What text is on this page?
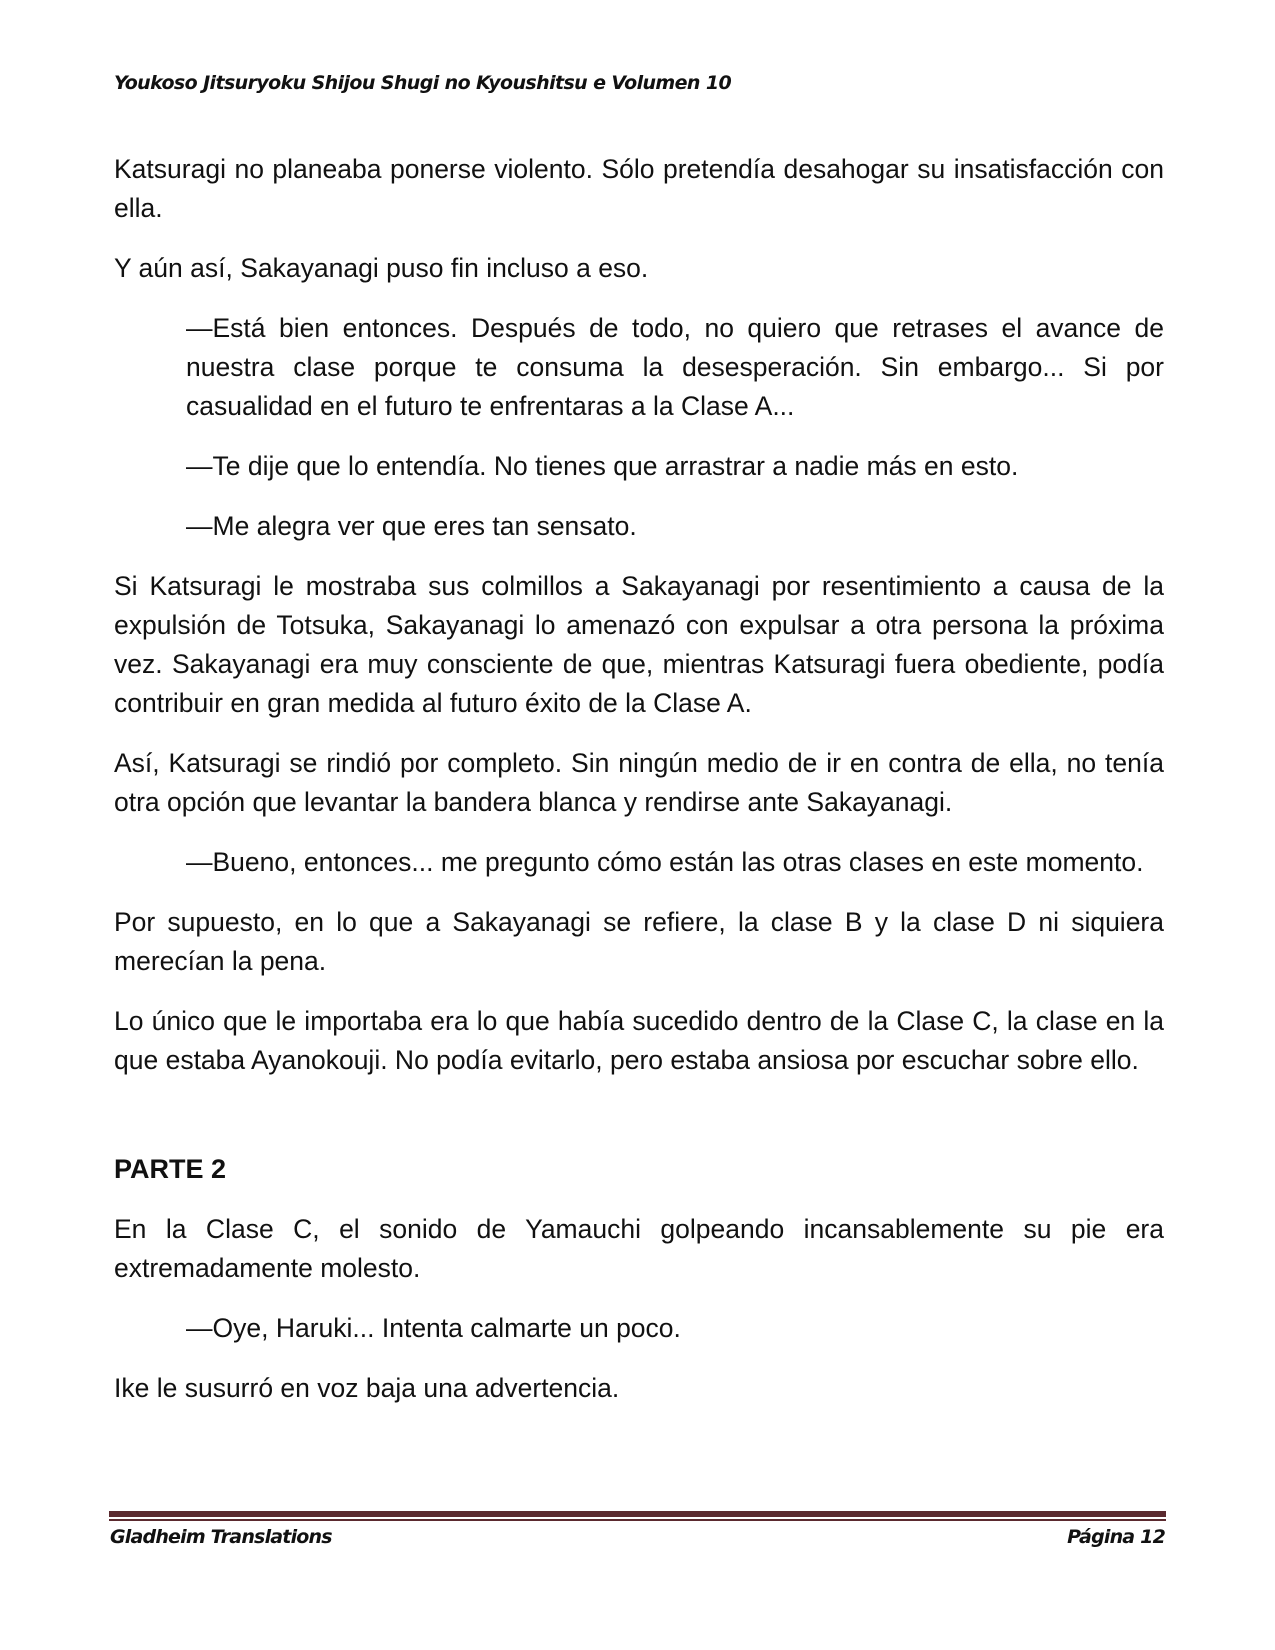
Youkoso Jitsuryoku Shijou Shugi no Kyoushitsu e Volumen 10

Katsuragi no planeaba ponerse violento. Sólo pretendía desahogar su insatisfacción con ella.

Y aún así, Sakayanagi puso fin incluso a eso.

—Está bien entonces. Después de todo, no quiero que retrases el avance de nuestra clase porque te consuma la desesperación. Sin embargo... Si por casualidad en el futuro te enfrentaras a la Clase A...

—Te dije que lo entendía. No tienes que arrastrar a nadie más en esto.

—Me alegra ver que eres tan sensato.

Si Katsuragi le mostraba sus colmillos a Sakayanagi por resentimiento a causa de la expulsión de Totsuka, Sakayanagi lo amenazó con expulsar a otra persona la próxima vez. Sakayanagi era muy consciente de que, mientras Katsuragi fuera obediente, podía contribuir en gran medida al futuro éxito de la Clase A.

Así, Katsuragi se rindió por completo. Sin ningún medio de ir en contra de ella, no tenía otra opción que levantar la bandera blanca y rendirse ante Sakayanagi.

—Bueno, entonces... me pregunto cómo están las otras clases en este momento.

Por supuesto, en lo que a Sakayanagi se refiere, la clase B y la clase D ni siquiera merecían la pena.

Lo único que le importaba era lo que había sucedido dentro de la Clase C, la clase en la que estaba Ayanokouji. No podía evitarlo, pero estaba ansiosa por escuchar sobre ello.

PARTE 2

En la Clase C, el sonido de Yamauchi golpeando incansablemente su pie era extremadamente molesto.

—Oye, Haruki... Intenta calmarte un poco.

Ike le susurró en voz baja una advertencia.

Gladheim Translations	Página 12
